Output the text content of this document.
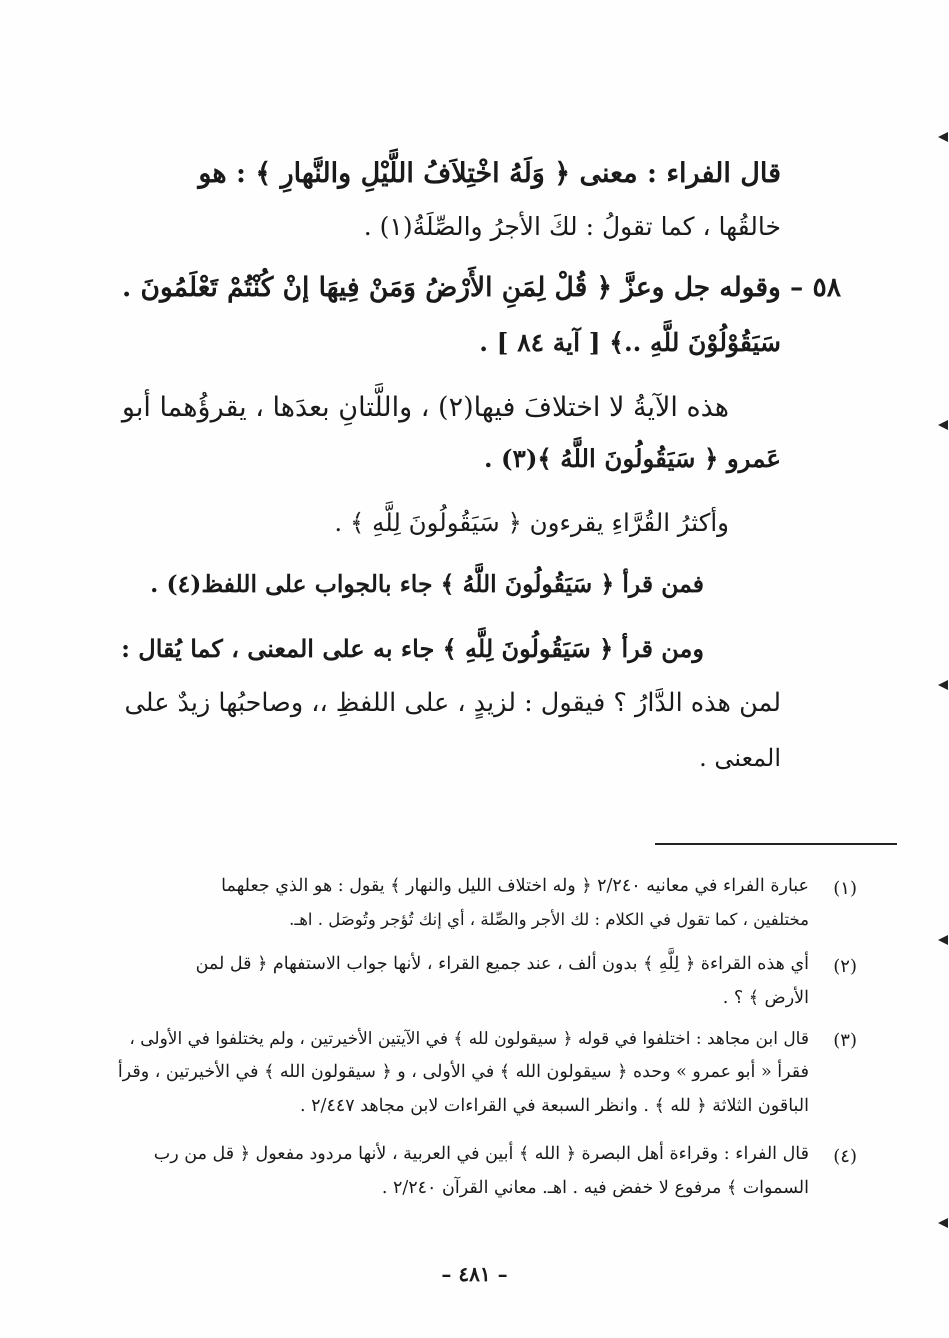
قال الفراء : معنى ﴿ وَلَهُ اخْتِلاَفُ اللَّيْلِ والنَّهارِ ﴾ : هو
خالقُها ، كما تقولُ : لكَ الأجرُ والصِّلَةُ(١) .
٥٨ – وقوله جل وعزَّ ﴿ قُلْ لِمَنِ الأَرْضُ وَمَنْ فِيهَا إنْ كُنْتُمْ تَعْلَمُونَ .
سَيَقُوْلُوْنَ للَّهِ ..﴾ [ آية ٨٤ ] .
هذه الآيةُ لا اختلافَ فيها(٢) ، واللَّتانِ بعدَها ، يقرؤُهما أبو
عَمرو ﴿ سَيَقُولُونَ اللَّهُ ﴾(٣) .
وأكثرُ القُرَّاءِ يقرءون ﴿ سَيَقُولُونَ لِلَّهِ ﴾ .
فمن قرأ ﴿ سَيَقُولُونَ اللَّهُ ﴾ جاء بالجواب على اللفظ(٤) .
ومن قرأ ﴿ سَيَقُولُونَ لِلَّهِ ﴾ جاء به على المعنى ، كما يُقال :
لمن هذه الدَّارُ ؟ فيقول : لزيدٍ ، على اللفظِ ،، وصاحبُها زيدٌ على
المعنى .
(١)
عبارة الفراء في معانيه ٢/٢٤٠ ﴿ وله اختلاف الليل والنهار ﴾ يقول : هو الذي جعلهما
مختلفين ، كما تقول في الكلام : لك الأجر والصِّلة ، أي إنك تُؤجر وتُوصَل . اهـ.
(٢)
أي هذه القراءة ﴿ لِلَّهِ ﴾ بدون ألف ، عند جميع القراء ، لأنها جواب الاستفهام ﴿ قل لمن
الأرض ﴾ ؟ .
(٣)
قال ابن مجاهد : اختلفوا في قوله ﴿ سيقولون لله ﴾ في الآيتين الأخيرتين ، ولم يختلفوا في الأولى ،
فقرأ « أبو عمرو » وحده ﴿ سيقولون الله ﴾ في الأولى ، و ﴿ سيقولون الله ﴾ في الأخيرتين ، وقرأ
الباقون الثلاثة ﴿ لله ﴾ . وانظر السبعة في القراءات لابن مجاهد ٢/٤٤٧ .
(٤)
قال الفراء : وقراءة أهل البصرة ﴿ الله ﴾ أبين في العربية ، لأنها مردود مفعول ﴿ قل من رب
السموات ﴾ مرفوع لا خفض فيه . اهـ. معاني القرآن ٢/٢٤٠ .
– ٤٨١ –
